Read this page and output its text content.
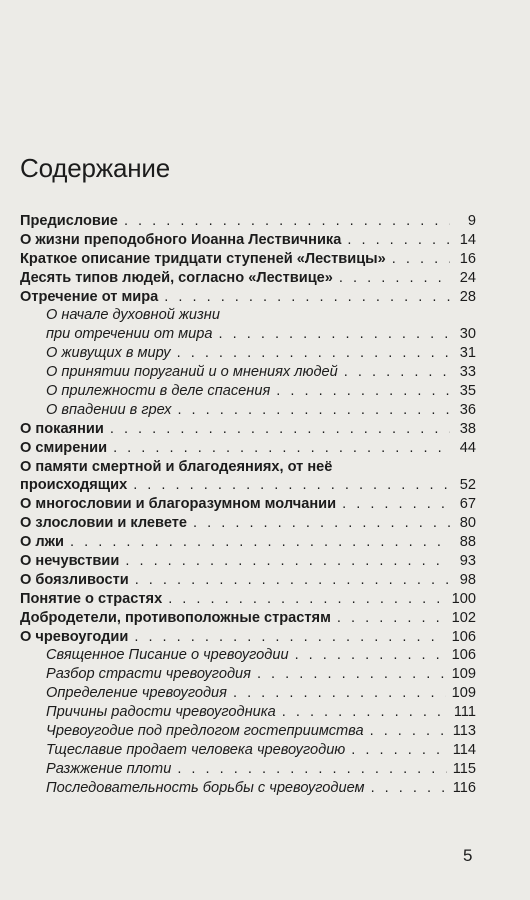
Содержание
Предисловие . . .	9
О жизни преподобного Иоанна Лествичника . . .	14
Краткое описание тридцати ступеней «Лествицы» . . .	16
Десять типов людей, согласно «Лествице» . . .	24
Отречение от мира . . .	28
О начале духовной жизни
при отречении от мира . . .	30
О живущих в миру . . .	31
О принятии поруганий и о мнениях людей . . .	33
О прилежности в деле спасения . . .	35
О впадении в грех . . .	36
О покаянии . . .	38
О смирении . . .	44
О памяти смертной и благодеяниях, от неё
происходящих . . .	52
О многословии и благоразумном молчании . . .	67
О злословии и клевете . . .	80
О лжи . . .	88
О нечувствии . . .	93
О боязливости . . .	98
Понятие о страстях . . .	100
Добродетели, противоположные страстям . . .	102
О чревоугодии . . .	106
Священное Писание о чревоугодии . . .	106
Разбор страсти чревоугодия . . .	109
Определение чревоугодия . . .	109
Причины радости чревоугодника . . .	111
Чревоугодие под предлогом гостеприимства . . .	113
Тщеславие продает человека чревоугодию . . .	114
Разжжение плоти . . .	115
Последовательность борьбы с чревоугодием . . .	116
5
